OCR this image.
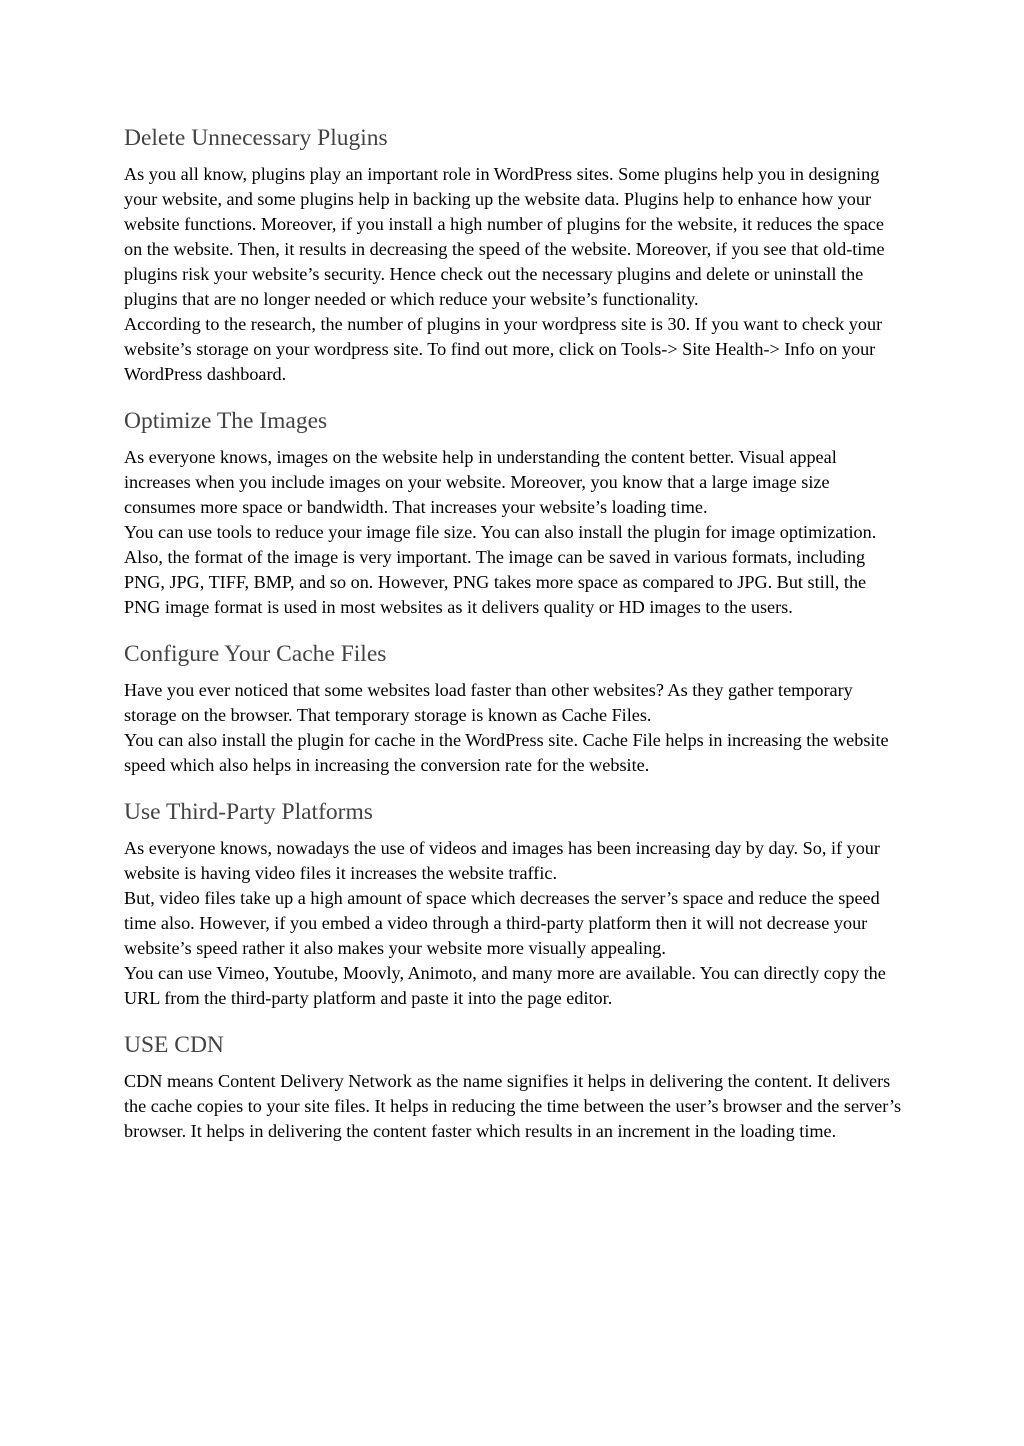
Delete Unnecessary Plugins

As you all know, plugins play an important role in WordPress sites. Some plugins help you in designing your website, and some plugins help in backing up the website data. Plugins help to enhance how your website functions. Moreover, if you install a high number of plugins for the website, it reduces the space on the website. Then, it results in decreasing the speed of the website. Moreover, if you see that old-time plugins risk your website’s security. Hence check out the necessary plugins and delete or uninstall the plugins that are no longer needed or which reduce your website’s functionality.

According to the research, the number of plugins in your wordpress site is 30. If you want to check your website’s storage on your wordpress site. To find out more, click on Tools-> Site Health-> Info on your WordPress dashboard.

Optimize The Images

As everyone knows, images on the website help in understanding the content better. Visual appeal increases when you include images on your website. Moreover, you know that a large image size consumes more space or bandwidth. That increases your website’s loading time.

You can use tools to reduce your image file size. You can also install the plugin for image optimization. Also, the format of the image is very important. The image can be saved in various formats, including PNG, JPG, TIFF, BMP, and so on. However, PNG takes more space as compared to JPG. But still, the PNG image format is used in most websites as it delivers quality or HD images to the users.

Configure Your Cache Files

Have you ever noticed that some websites load faster than other websites? As they gather temporary storage on the browser. That temporary storage is known as Cache Files.

You can also install the plugin for cache in the WordPress site. Cache File helps in increasing the website speed which also helps in increasing the conversion rate for the website.

Use Third-Party Platforms

As everyone knows, nowadays the use of videos and images has been increasing day by day. So, if your website is having video files it increases the website traffic.

But, video files take up a high amount of space which decreases the server’s space and reduce the speed time also. However, if you embed a video through a third-party platform then it will not decrease your website’s speed rather it also makes your website more visually appealing.

You can use Vimeo, Youtube, Moovly, Animoto, and many more are available. You can directly copy the URL from the third-party platform and paste it into the page editor.

USE CDN

CDN means Content Delivery Network as the name signifies it helps in delivering the content. It delivers the cache copies to your site files. It helps in reducing the time between the user’s browser and the server’s browser. It helps in delivering the content faster which results in an increment in the loading time.
